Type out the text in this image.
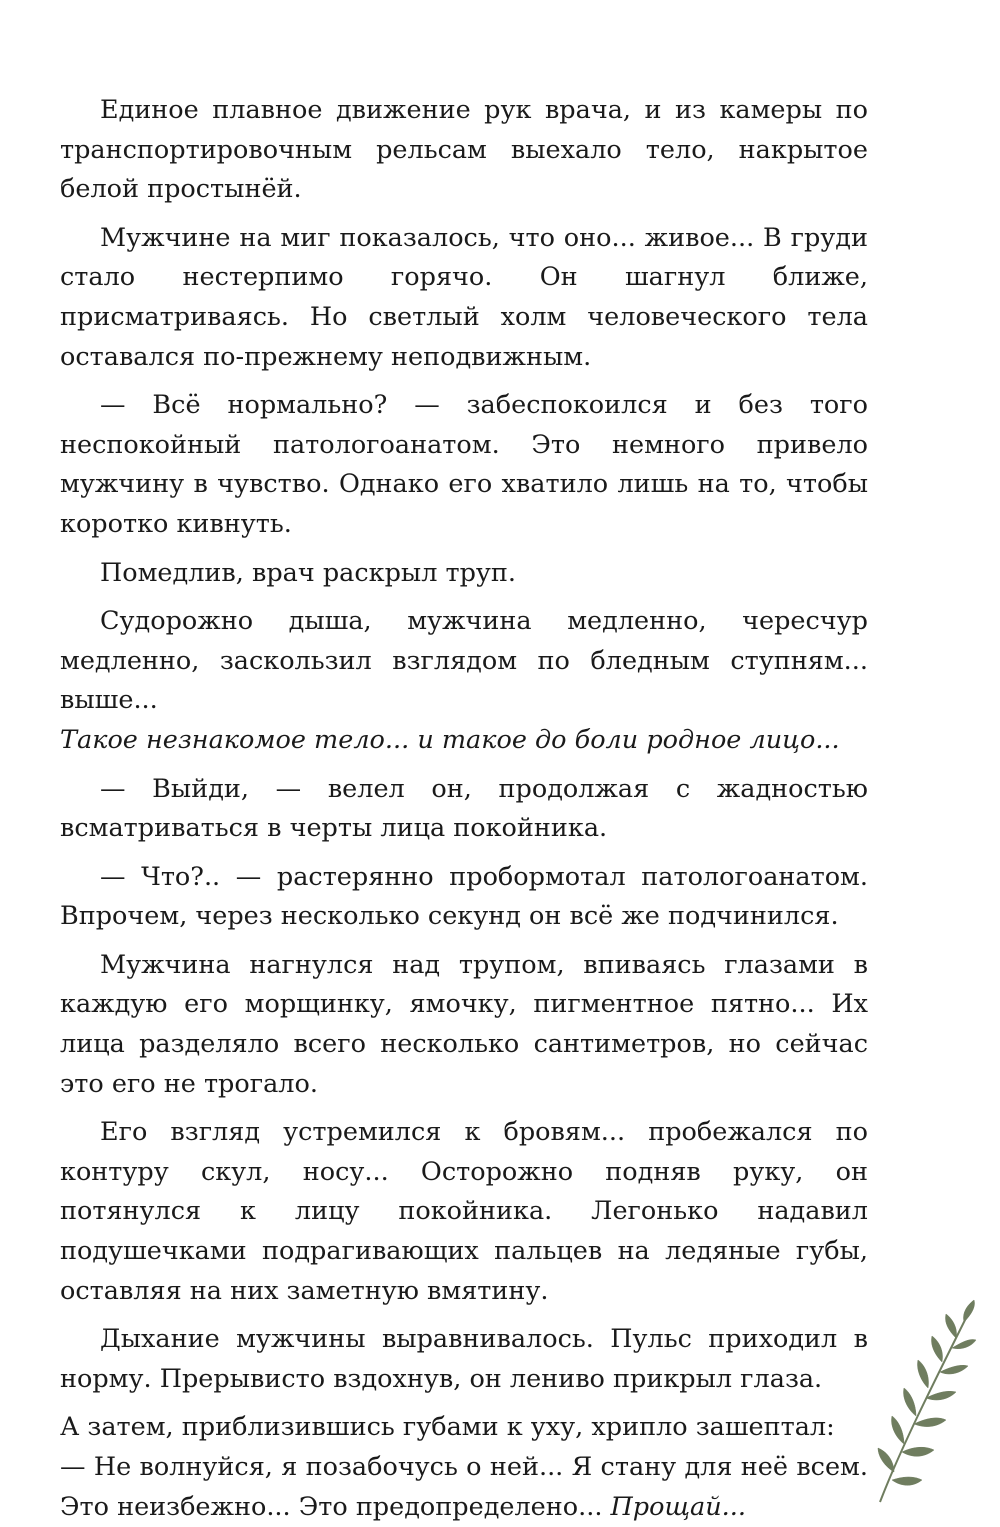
Единое плавное движение рук врача, и из камеры по транспортировочным рельсам выехало тело, накрытое белой простынёй.

Мужчине на миг показалось, что оно... живое... В груди стало нестерпимо горячо. Он шагнул ближе, присматриваясь. Но светлый холм человеческого тела оставался по-прежнему неподвижным.

— Всё нормально? — забеспокоился и без того неспокойный патологоанатом. Это немного привело мужчину в чувство. Однако его хватило лишь на то, чтобы коротко кивнуть.

Помедлив, врач раскрыл труп.

Судорожно дыша, мужчина медленно, чересчур медленно, заскользил взглядом по бледным ступням... выше...
Такое незнакомое тело... и такое до боли родное лицо...

— Выйди, — велел он, продолжая с жадностью всматриваться в черты лица покойника.

— Что?.. — растерянно пробормотал патологоанатом. Впрочем, через несколько секунд он всё же подчинился.

Мужчина нагнулся над трупом, впиваясь глазами в каждую его морщинку, ямочку, пигментное пятно... Их лица разделяло всего несколько сантиметров, но сейчас это его не трогало.

Его взгляд устремился к бровям... пробежался по контуру скул, носу... Осторожно подняв руку, он потянулся к лицу покойника. Легонько надавил подушечками подрагивающих пальцев на ледяные губы, оставляя на них заметную вмятину.

Дыхание мужчины выравнивалось. Пульс приходил в норму. Прерывисто вздохнув, он лениво прикрыл глаза.

А затем, приблизившись губами к уху, хрипло зашептал:

— Не волнуйся, я позабочусь о ней... Я стану для неё всем. Это неизбежно... Это предопределено... Прощай...
